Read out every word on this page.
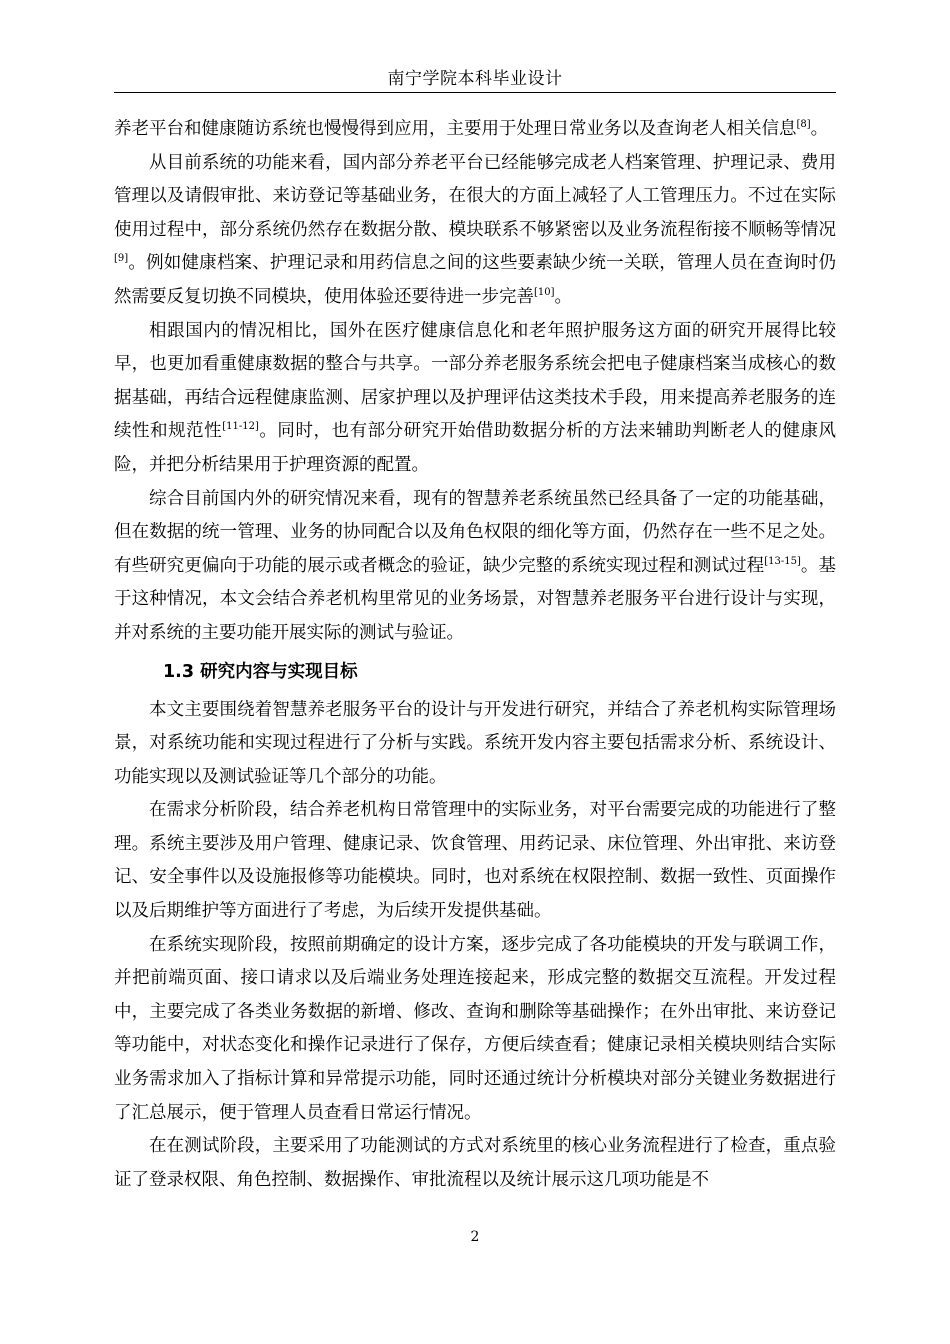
南宁学院本科毕业设计

养老平台和健康随访系统也慢慢得到应用，主要用于处理日常业务以及查询老人相关信息[8]。

从目前系统的功能来看，国内部分养老平台已经能够完成老人档案管理、护理记录、费用管理以及请假审批、来访登记等基础业务，在很大的方面上减轻了人工管理压力。不过在实际使用过程中，部分系统仍然存在数据分散、模块联系不够紧密以及业务流程衔接不顺畅等情况[9]。例如健康档案、护理记录和用药信息之间的这些要素缺少统一关联，管理人员在查询时仍然需要反复切换不同模块，使用体验还要待进一步完善[10]。

相跟国内的情况相比，国外在医疗健康信息化和老年照护服务这方面的研究开展得比较早，也更加看重健康数据的整合与共享。一部分养老服务系统会把电子健康档案当成核心的数据基础，再结合远程健康监测、居家护理以及护理评估这类技术手段，用来提高养老服务的连续性和规范性[11-12]。同时，也有部分研究开始借助数据分析的方法来辅助判断老人的健康风险，并把分析结果用于护理资源的配置。

综合目前国内外的研究情况来看，现有的智慧养老系统虽然已经具备了一定的功能基础，但在数据的统一管理、业务的协同配合以及角色权限的细化等方面，仍然存在一些不足之处。有些研究更偏向于功能的展示或者概念的验证，缺少完整的系统实现过程和测试过程[13-15]。基于这种情况，本文会结合养老机构里常见的业务场景，对智慧养老服务平台进行设计与实现，并对系统的主要功能开展实际的测试与验证。

1.3 研究内容与实现目标

本文主要围绕着智慧养老服务平台的设计与开发进行研究，并结合了养老机构实际管理场景，对系统功能和实现过程进行了分析与实践。系统开发内容主要包括需求分析、系统设计、功能实现以及测试验证等几个部分的功能。

在需求分析阶段，结合养老机构日常管理中的实际业务，对平台需要完成的功能进行了整理。系统主要涉及用户管理、健康记录、饮食管理、用药记录、床位管理、外出审批、来访登记、安全事件以及设施报修等功能模块。同时，也对系统在权限控制、数据一致性、页面操作以及后期维护等方面进行了考虑，为后续开发提供基础。

在系统实现阶段，按照前期确定的设计方案，逐步完成了各功能模块的开发与联调工作，并把前端页面、接口请求以及后端业务处理连接起来，形成完整的数据交互流程。开发过程中，主要完成了各类业务数据的新增、修改、查询和删除等基础操作；在外出审批、来访登记等功能中，对状态变化和操作记录进行了保存，方便后续查看；健康记录相关模块则结合实际业务需求加入了指标计算和异常提示功能，同时还通过统计分析模块对部分关键业务数据进行了汇总展示，便于管理人员查看日常运行情况。

在在测试阶段，主要采用了功能测试的方式对系统里的核心业务流程进行了检查，重点验证了登录权限、角色控制、数据操作、审批流程以及统计展示这几项功能是不

2
